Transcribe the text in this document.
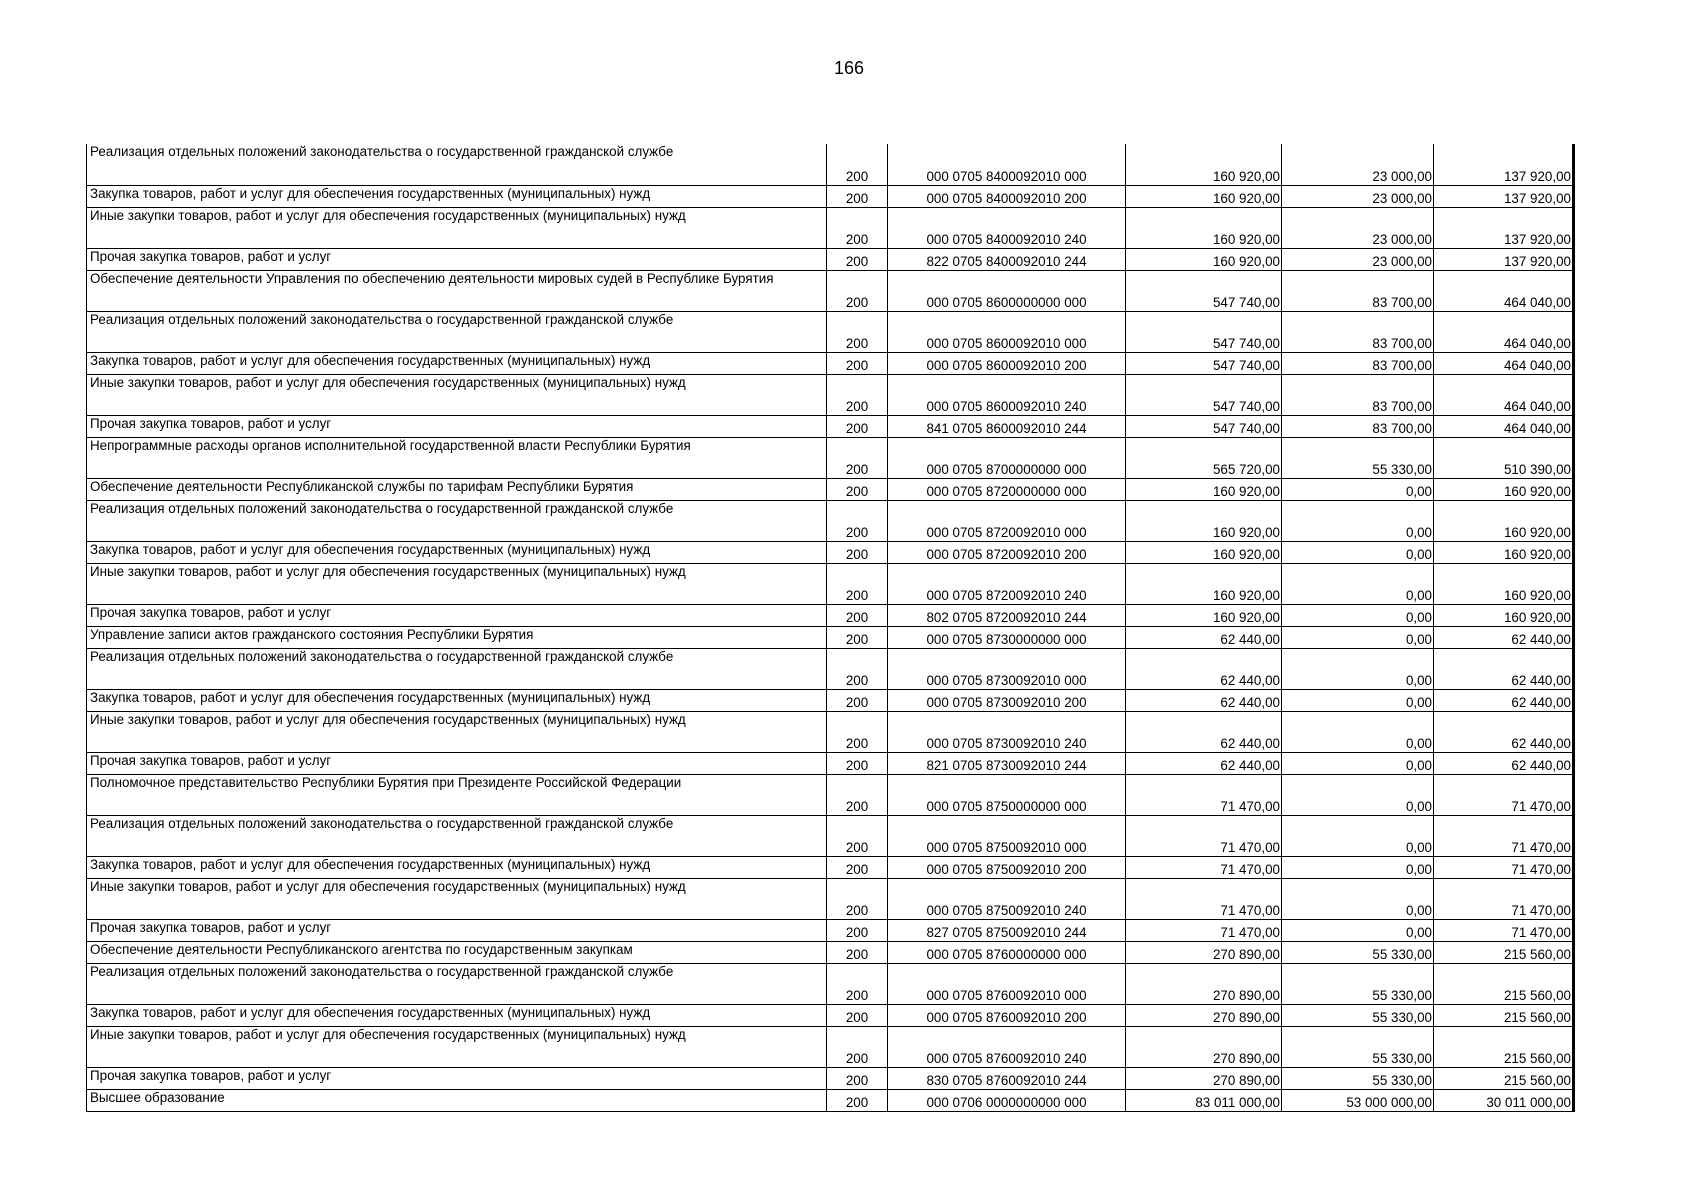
166
Реализация отдельных положений законодательства о государственной гражданской службе	200	000 0705 8400092010 000	160 920,00	23 000,00	137 920,00
Закупка товаров, работ и услуг для обеспечения государственных (муниципальных) нужд	200	000 0705 8400092010 200	160 920,00	23 000,00	137 920,00
Иные закупки товаров, работ и услуг для обеспечения государственных (муниципальных) нужд	200	000 0705 8400092010 240	160 920,00	23 000,00	137 920,00
Прочая закупка товаров, работ и услуг	200	822 0705 8400092010 244	160 920,00	23 000,00	137 920,00
Обеспечение деятельности Управления по обеспечению деятельности мировых судей в Республике Бурятия	200	000 0705 8600000000 000	547 740,00	83 700,00	464 040,00
Реализация отдельных положений законодательства о государственной гражданской службе	200	000 0705 8600092010 000	547 740,00	83 700,00	464 040,00
Закупка товаров, работ и услуг для обеспечения государственных (муниципальных) нужд	200	000 0705 8600092010 200	547 740,00	83 700,00	464 040,00
Иные закупки товаров, работ и услуг для обеспечения государственных (муниципальных) нужд	200	000 0705 8600092010 240	547 740,00	83 700,00	464 040,00
Прочая закупка товаров, работ и услуг	200	841 0705 8600092010 244	547 740,00	83 700,00	464 040,00
Непрограммные расходы органов исполнительной государственной власти Республики Бурятия	200	000 0705 8700000000 000	565 720,00	55 330,00	510 390,00
Обеспечение деятельности Республиканской службы по тарифам Республики Бурятия	200	000 0705 8720000000 000	160 920,00	0,00	160 920,00
Реализация отдельных положений законодательства о государственной гражданской службе	200	000 0705 8720092010 000	160 920,00	0,00	160 920,00
Закупка товаров, работ и услуг для обеспечения государственных (муниципальных) нужд	200	000 0705 8720092010 200	160 920,00	0,00	160 920,00
Иные закупки товаров, работ и услуг для обеспечения государственных (муниципальных) нужд	200	000 0705 8720092010 240	160 920,00	0,00	160 920,00
Прочая закупка товаров, работ и услуг	200	802 0705 8720092010 244	160 920,00	0,00	160 920,00
Управление записи актов гражданского состояния Республики Бурятия	200	000 0705 8730000000 000	62 440,00	0,00	62 440,00
Реализация отдельных положений законодательства о государственной гражданской службе	200	000 0705 8730092010 000	62 440,00	0,00	62 440,00
Закупка товаров, работ и услуг для обеспечения государственных (муниципальных) нужд	200	000 0705 8730092010 200	62 440,00	0,00	62 440,00
Иные закупки товаров, работ и услуг для обеспечения государственных (муниципальных) нужд	200	000 0705 8730092010 240	62 440,00	0,00	62 440,00
Прочая закупка товаров, работ и услуг	200	821 0705 8730092010 244	62 440,00	0,00	62 440,00
Полномочное представительство Республики Бурятия при Президенте Российской Федерации	200	000 0705 8750000000 000	71 470,00	0,00	71 470,00
Реализация отдельных положений законодательства о государственной гражданской службе	200	000 0705 8750092010 000	71 470,00	0,00	71 470,00
Закупка товаров, работ и услуг для обеспечения государственных (муниципальных) нужд	200	000 0705 8750092010 200	71 470,00	0,00	71 470,00
Иные закупки товаров, работ и услуг для обеспечения государственных (муниципальных) нужд	200	000 0705 8750092010 240	71 470,00	0,00	71 470,00
Прочая закупка товаров, работ и услуг	200	827 0705 8750092010 244	71 470,00	0,00	71 470,00
Обеспечение деятельности Республиканского агентства по государственным закупкам	200	000 0705 8760000000 000	270 890,00	55 330,00	215 560,00
Реализация отдельных положений законодательства о государственной гражданской службе	200	000 0705 8760092010 000	270 890,00	55 330,00	215 560,00
Закупка товаров, работ и услуг для обеспечения государственных (муниципальных) нужд	200	000 0705 8760092010 200	270 890,00	55 330,00	215 560,00
Иные закупки товаров, работ и услуг для обеспечения государственных (муниципальных) нужд	200	000 0705 8760092010 240	270 890,00	55 330,00	215 560,00
Прочая закупка товаров, работ и услуг	200	830 0705 8760092010 244	270 890,00	55 330,00	215 560,00
Высшее образование	200	000 0706 0000000000 000	83 011 000,00	53 000 000,00	30 011 000,00
